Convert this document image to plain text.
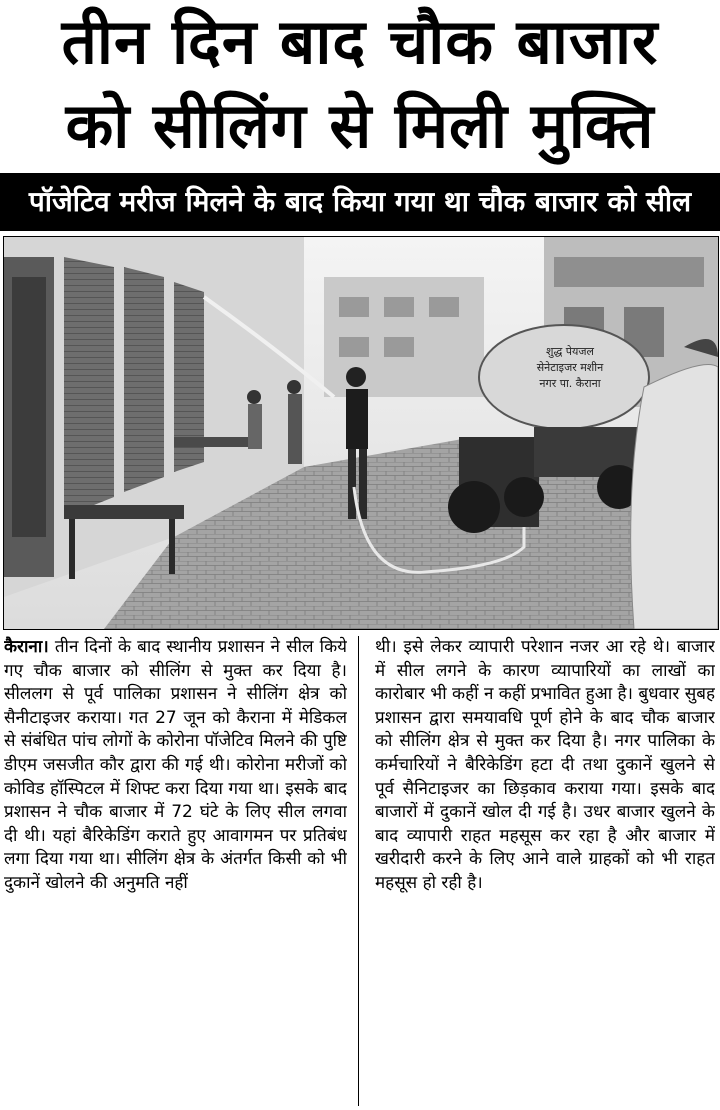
तीन दिन बाद चौक बाजार
को सीलिंग से मिली मुक्ति
पॉजेटिव मरीज मिलने के बाद किया गया था चौक बाजार को सील
शुद्ध पेयजल
सेनेटाइजर मशीन
नगर पा. कैराना
कैराना। तीन दिनों के बाद स्थानीय प्रशासन ने सील किये गए चौक बाजार को सीलिंग से मुक्त कर दिया है। सीललग से पूर्व पालिका प्रशासन ने सीलिंग क्षेत्र को सैनीटाइजर कराया। गत 27 जून को कैराना में मेडिकल से संबंधित पांच लोगों के कोरोना पॉजेटिव मिलने की पुष्टि डीएम जसजीत कौर द्वारा की गई थी। कोरोना मरीजों को कोविड हॉस्पिटल में शिफ्ट करा दिया गया था। इसके बाद प्रशासन ने चौक बाजार में 72 घंटे के लिए सील लगवा दी थी। यहां बैरिकेडिंग कराते हुए आवागमन पर प्रतिबंध लगा दिया गया था। सीलिंग क्षेत्र के अंतर्गत किसी को भी दुकानें खोलने की अनुमति नहीं
थी। इसे लेकर व्यापारी परेशान नजर आ रहे थे। बाजार में सील लगने के कारण व्यापारियों का लाखों का कारोबार भी कहीं न कहीं प्रभावित हुआ है। बुधवार सुबह प्रशासन द्वारा समयावधि पूर्ण होने के बाद चौक बाजार को सीलिंग क्षेत्र से मुक्त कर दिया है। नगर पालिका के कर्मचारियों ने बैरिकेडिंग हटा दी तथा दुकानें खुलने से पूर्व सैनिटाइजर का छिड़काव कराया गया। इसके बाद बाजारों में दुकानें खोल दी गई है। उधर बाजार खुलने के बाद व्यापारी राहत महसूस कर रहा है और बाजार में खरीदारी करने के लिए आने वाले ग्राहकों को भी राहत महसूस हो रही है।
